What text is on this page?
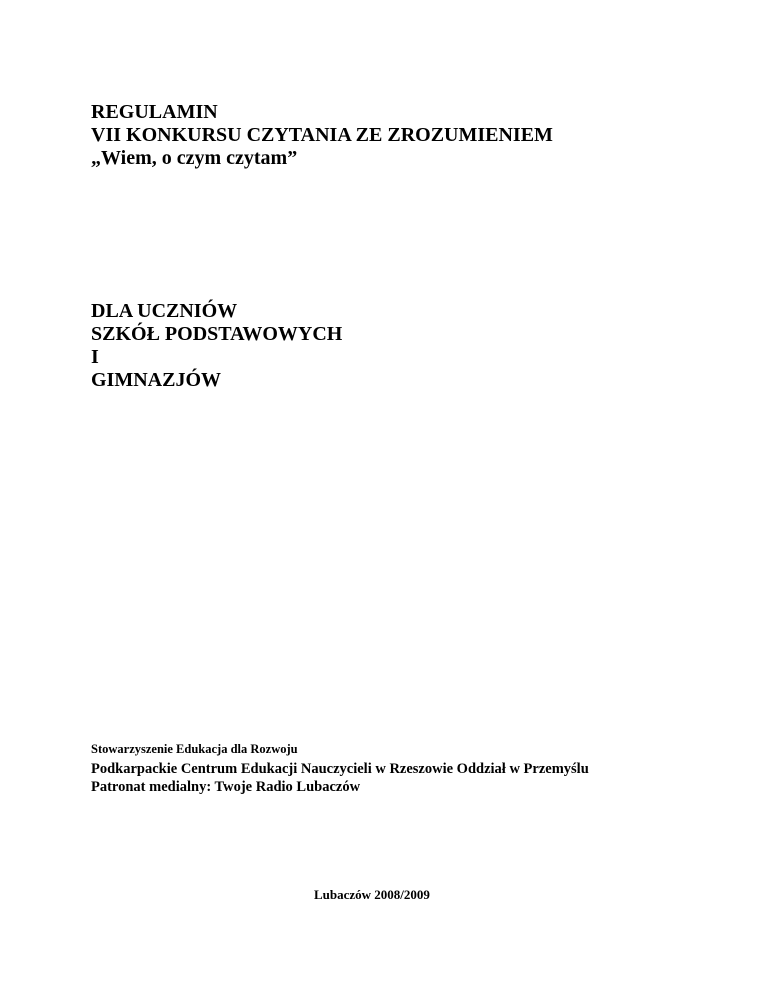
REGULAMIN
VII KONKURSU CZYTANIA ZE ZROZUMIENIEM
„Wiem, o czym czytam”
DLA UCZNIÓW
SZKÓŁ PODSTAWOWYCH
I
GIMNAZJÓW
Stowarzyszenie Edukacja dla Rozwoju
Podkarpackie Centrum Edukacji Nauczycieli w Rzeszowie Oddział w Przemyślu
Patronat medialny: Twoje Radio Lubaczów
Lubaczów 2008/2009
